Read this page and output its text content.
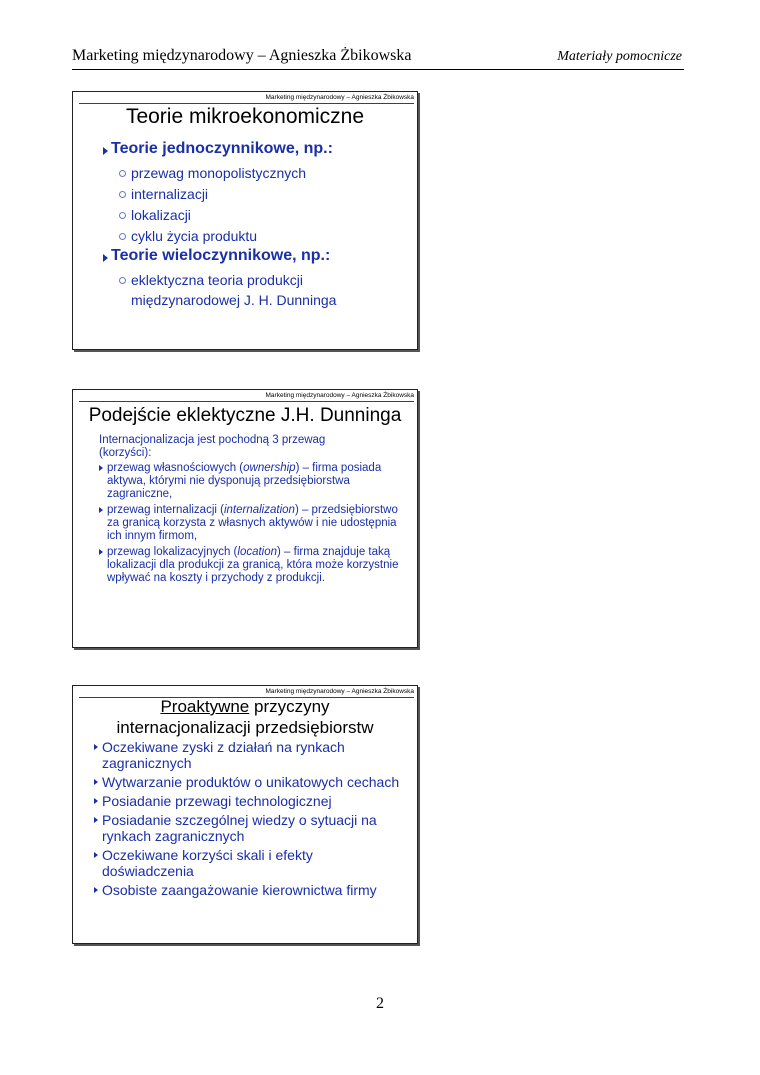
Marketing międzynarodowy – Agnieszka Żbikowska	Materiały pomocnicze
Marketing międzynarodowy – Agnieszka Żbikowska
Teorie mikroekonomiczne
Teorie jednoczynnikowe, np.:
przewag monopolistycznych
internalizacji
lokalizacji
cyklu życia produktu
Teorie wieloczynnikowe, np.:
eklektyczna teoria produkcji międzynarodowej J. H. Dunninga
Marketing międzynarodowy – Agnieszka Żbikowska
Podejście eklektyczne J.H. Dunninga
Internacjonalizacja jest pochodną 3 przewag (korzyści):
przewag własnościowych (ownership) – firma posiada aktywa, którymi nie dysponują przedsiębiorstwa zagraniczne,
przewag internalizacji (internalization) – przedsiębiorstwo za granicą korzysta z własnych aktywów i nie udostępnia ich innym firmom,
przewag lokalizacyjnych (location) – firma znajduje taką lokalizacji dla produkcji za granicą, która może korzystnie wpływać na koszty i przychody z produkcji.
Marketing międzynarodowy – Agnieszka Żbikowska
Proaktywne przyczyny
internacjonalizacji przedsiębiorstw
Oczekiwane zyski z działań na rynkach zagranicznych
Wytwarzanie produktów o unikatowych cechach
Posiadanie przewagi technologicznej
Posiadanie szczególnej wiedzy o sytuacji na rynkach zagranicznych
Oczekiwane korzyści skali i efekty doświadczenia
Osobiste zaangażowanie kierownictwa firmy
2
